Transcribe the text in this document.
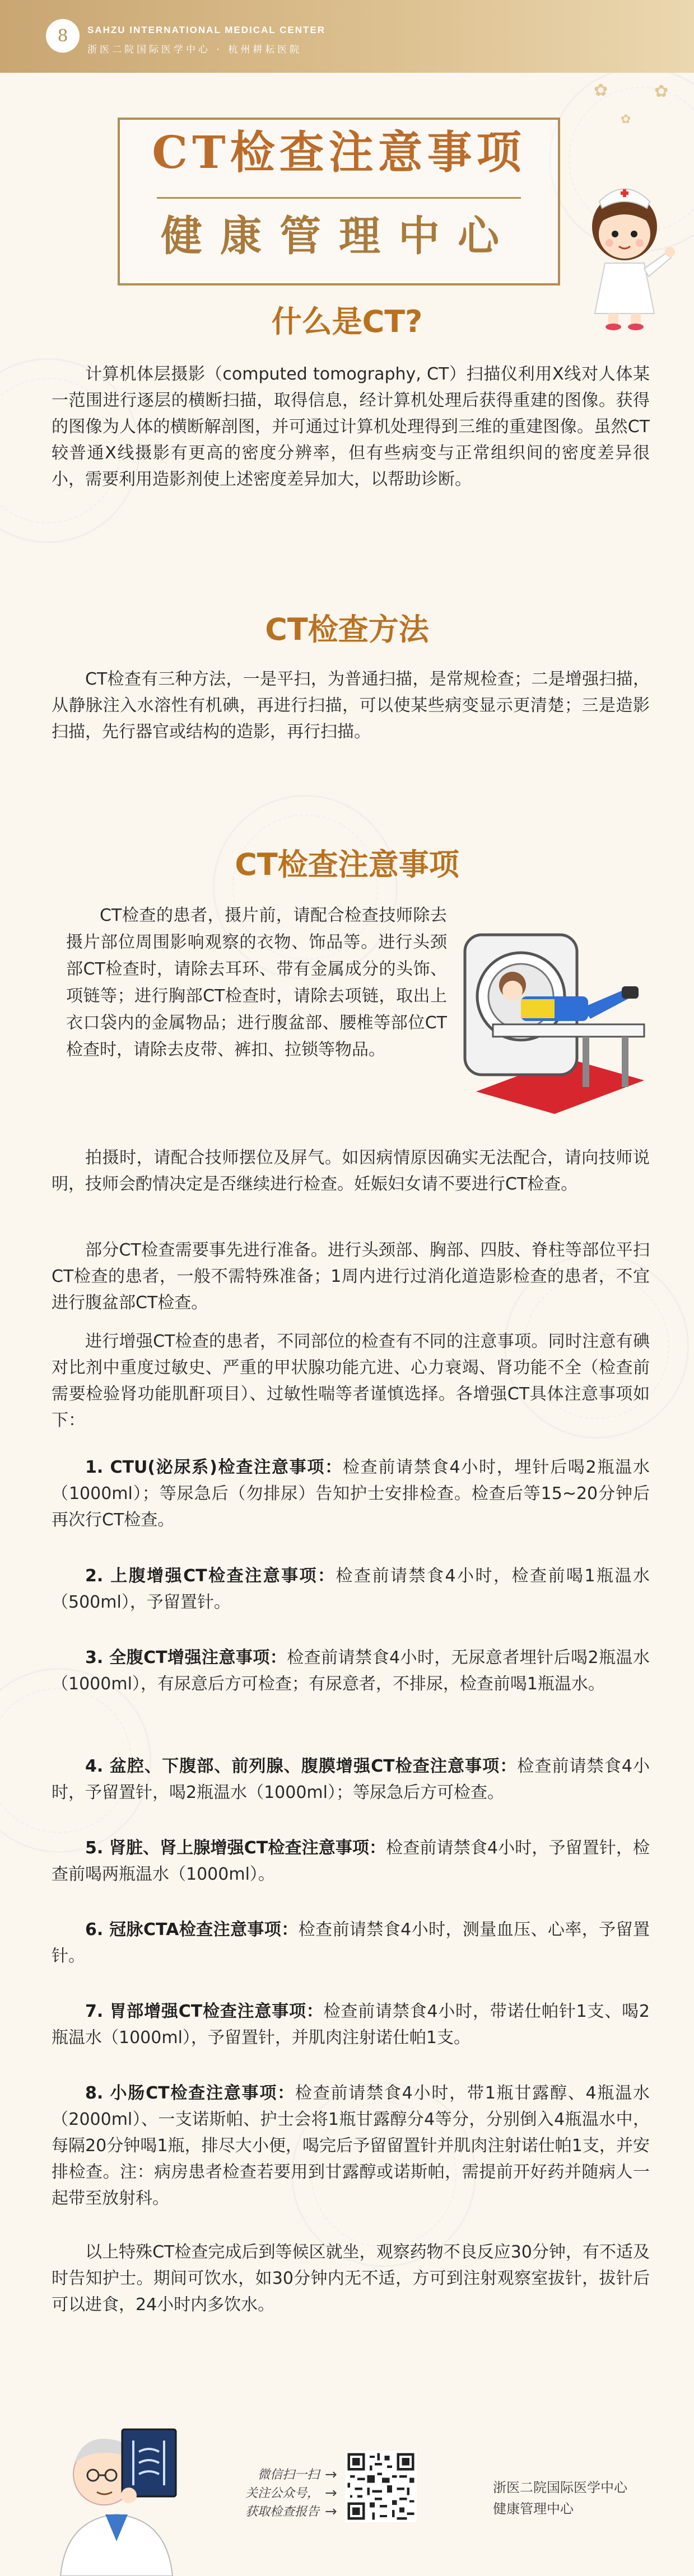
8	SAHZU INTERNATIONAL MEDICAL CENTER
浙医二院国际医学中心 · 杭州耕耘医院
✿
✿
✿
CT检查注意事项
健康管理中心
什么是CT?
计算机体层摄影（computed tomography, CT）扫描仪利用X线对人体某一范围进行逐层的横断扫描，取得信息，经计算机处理后获得重建的图像。获得的图像为人体的横断解剖图，并可通过计算机处理得到三维的重建图像。虽然CT较普通X线摄影有更高的密度分辨率，但有些病变与正常组织间的密度差异很小，需要利用造影剂使上述密度差异加大，以帮助诊断。
CT检查方法
CT检查有三种方法，一是平扫，为普通扫描，是常规检查；二是增强扫描，从静脉注入水溶性有机碘，再进行扫描，可以使某些病变显示更清楚；三是造影扫描，先行器官或结构的造影，再行扫描。
CT检查注意事项
CT检查的患者，摄片前，请配合检查技师除去摄片部位周围影响观察的衣物、饰品等。进行头颈部CT检查时，请除去耳环、带有金属成分的头饰、项链等；进行胸部CT检查时，请除去项链，取出上衣口袋内的金属物品；进行腹盆部、腰椎等部位CT检查时，请除去皮带、裤扣、拉锁等物品。
拍摄时，请配合技师摆位及屏气。如因病情原因确实无法配合，请向技师说明，技师会酌情决定是否继续进行检查。妊娠妇女请不要进行CT检查。
部分CT检查需要事先进行准备。进行头颈部、胸部、四肢、脊柱等部位平扫CT检查的患者，一般不需特殊准备；1周内进行过消化道造影检查的患者，不宜进行腹盆部CT检查。
进行增强CT检查的患者，不同部位的检查有不同的注意事项。同时注意有碘对比剂中重度过敏史、严重的甲状腺功能亢进、心力衰竭、肾功能不全（检查前需要检验肾功能肌酐项目）、过敏性喘等者谨慎选择。各增强CT具体注意事项如下：
1. CTU(泌尿系)检查注意事项：检查前请禁食4小时，埋针后喝2瓶温水（1000ml）；等尿急后（勿排尿）告知护士安排检查。检查后等15~20分钟后再次行CT检查。
2. 上腹增强CT检查注意事项：检查前请禁食4小时，检查前喝1瓶温水（500ml），予留置针。
3. 全腹CT增强注意事项：检查前请禁食4小时，无尿意者埋针后喝2瓶温水（1000ml），有尿意后方可检查；有尿意者，不排尿，检查前喝1瓶温水。
4. 盆腔、下腹部、前列腺、腹膜增强CT检查注意事项：检查前请禁食4小时，予留置针，喝2瓶温水（1000ml）；等尿急后方可检查。
5. 肾脏、肾上腺增强CT检查注意事项：检查前请禁食4小时，予留置针，检查前喝两瓶温水（1000ml）。
6. 冠脉CTA检查注意事项：检查前请禁食4小时，测量血压、心率，予留置针。
7. 胃部增强CT检查注意事项：检查前请禁食4小时，带诺仕帕针1支、喝2瓶温水（1000ml），予留置针，并肌肉注射诺仕帕1支。
8. 小肠CT检查注意事项：检查前请禁食4小时，带1瓶甘露醇、4瓶温水（2000ml）、一支诺斯帕、护士会将1瓶甘露醇分4等分，分别倒入4瓶温水中，每隔20分钟喝1瓶，排尽大小便，喝完后予留留置针并肌肉注射诺仕帕1支，并安排检查。注：病房患者检查若要用到甘露醇或诺斯帕，需提前开好药并随病人一起带至放射科。
以上特殊CT检查完成后到等候区就坐，观察药物不良反应30分钟，有不适及时告知护士。期间可饮水，如30分钟内无不适，方可到注射观察室拔针，拔针后可以进食，24小时内多饮水。
微信扫一扫
关注公众号，
获取检查报告
→
→
→
浙医二院国际医学中心
健康管理中心
